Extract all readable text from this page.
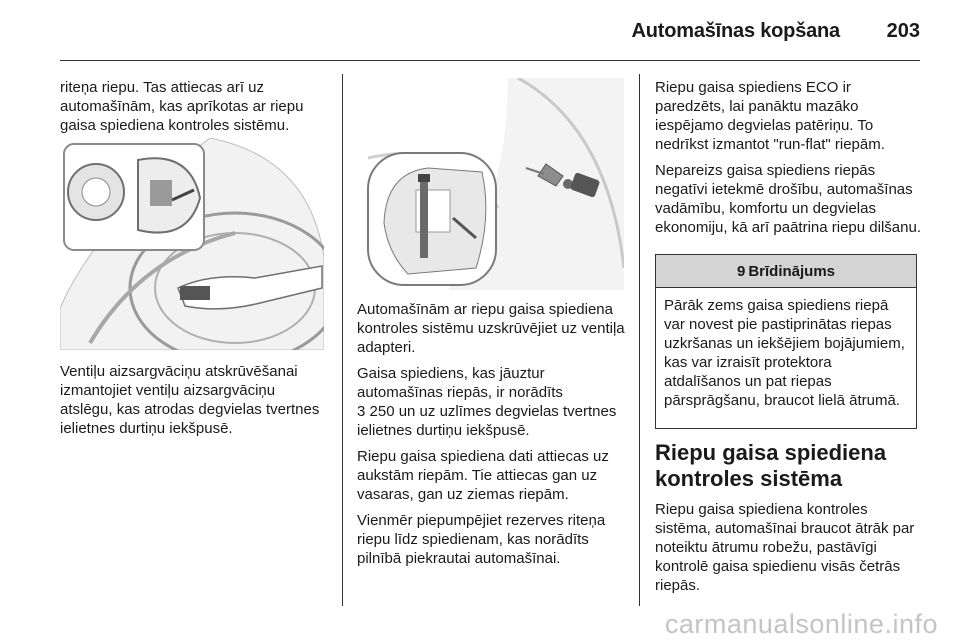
Automašīnas kopšana 203

riteņa riepu. Tas attiecas arī uz automašīnām, kas aprīkotas ar riepu gaisa spiediena kontroles sistēmu.

Ventiļu aizsargvāciņu atskrūvēšanai izmantojiet ventiļu aizsargvāciņu atslēgu, kas atrodas degvielas tvertnes ielietnes durtiņu iekšpusē.

Automašīnām ar riepu gaisa spiediena kontroles sistēmu uzskrūvējiet uz ventiļa adapteri.

Gaisa spiediens, kas jāuztur automašīnas riepās, ir norādīts
3 250 un uz uzlīmes degvielas tvertnes ielietnes durtiņu iekšpusē.

Riepu gaisa spiediena dati attiecas uz aukstām riepām. Tie attiecas gan uz vasaras, gan uz ziemas riepām.

Vienmēr piepumpējiet rezerves riteņa riepu līdz spiedienam, kas norādīts pilnībā piekrautai automašīnai.

Riepu gaisa spiediens ECO ir paredzēts, lai panāktu mazāko iespējamo degvielas patēriņu. To nedrīkst izmantot "run-flat" riepām.

Nepareizs gaisa spiediens riepās negatīvi ietekmē drošību, automašīnas vadāmību, komfortu un degvielas ekonomiju, kā arī paātrina riepu dilšanu.

9 Brīdinājums
Pārāk zems gaisa spiediens riepā var novest pie pastiprinātas riepas uzkršanas un iekšējiem bojājumiem, kas var izraisīt protektora atdalīšanos un pat riepas pārsprāgšanu, braucot lielā ātrumā.
Riepu gaisa spiediena kontroles sistēma

Riepu gaisa spiediena kontroles sistēma, automašīnai braucot ātrāk par noteiktu ātrumu robežu, pastāvīgi kontrolē gaisa spiedienu visās četrās riepās.

carmanualsonline.info
